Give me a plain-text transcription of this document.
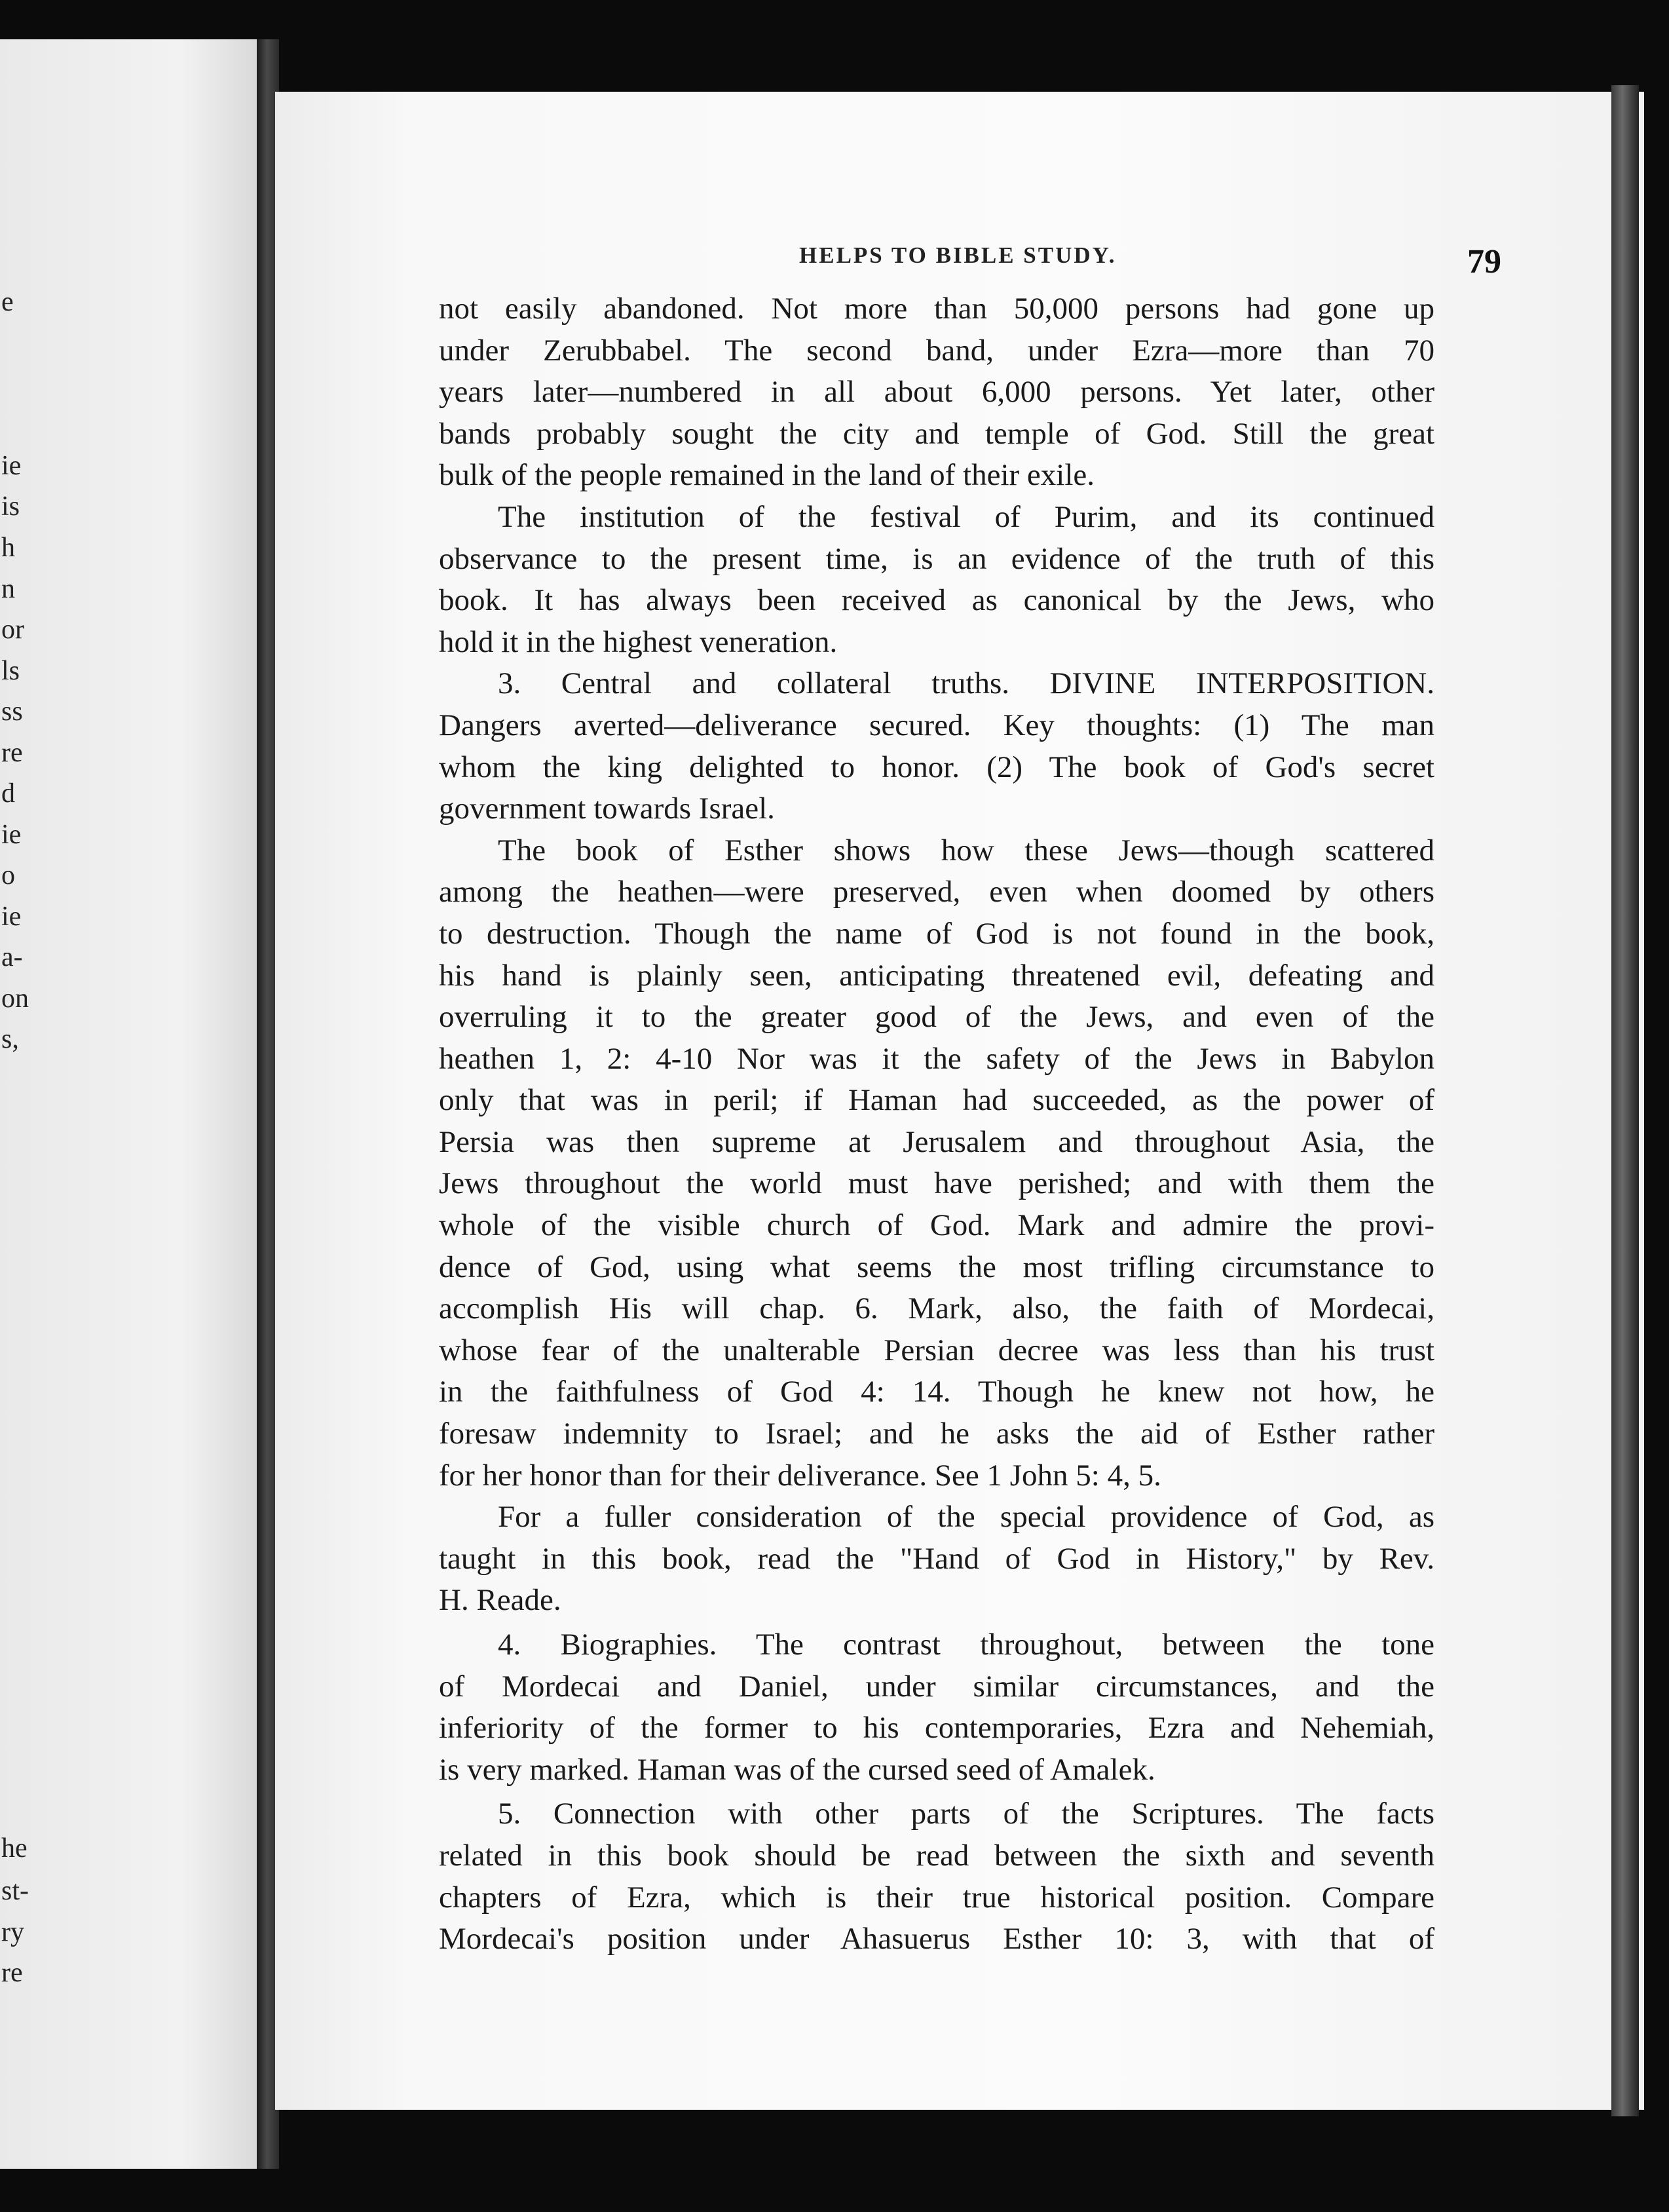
e
ie
is
h
n
or
ls
ss
re
d
ie
o
ie
a-
on
s,
he
st-
ry
re
HELPS TO BIBLE STUDY.	79
not easily abandoned. Not more than 50,000 persons had gone up
under Zerubbabel. The second band, under Ezra—more than 70
years later—numbered in all about 6,000 persons. Yet later, other
bands probably sought the city and temple of God. Still the great
bulk of the people remained in the land of their exile.
The institution of the festival of Purim, and its continued
observance to the present time, is an evidence of the truth of this
book. It has always been received as canonical by the Jews, who
hold it in the highest veneration.
3. Central and collateral truths. DIVINE INTERPOSITION.
Dangers averted—deliverance secured. Key thoughts: (1) The man
whom the king delighted to honor. (2) The book of God's secret
government towards Israel.
The book of Esther shows how these Jews—though scattered
among the heathen—were preserved, even when doomed by others
to destruction. Though the name of God is not found in the book,
his hand is plainly seen, anticipating threatened evil, defeating and
overruling it to the greater good of the Jews, and even of the
heathen 1, 2: 4-10 Nor was it the safety of the Jews in Babylon
only that was in peril; if Haman had succeeded, as the power of
Persia was then supreme at Jerusalem and throughout Asia, the
Jews throughout the world must have perished; and with them the
whole of the visible church of God. Mark and admire the provi-
dence of God, using what seems the most trifling circumstance to
accomplish His will chap. 6. Mark, also, the faith of Mordecai,
whose fear of the unalterable Persian decree was less than his trust
in the faithfulness of God 4: 14. Though he knew not how, he
foresaw indemnity to Israel; and he asks the aid of Esther rather
for her honor than for their deliverance. See 1 John 5: 4, 5.
For a fuller consideration of the special providence of God, as
taught in this book, read the "Hand of God in History," by Rev.
H. Reade.
4. Biographies. The contrast throughout, between the tone
of Mordecai and Daniel, under similar circumstances, and the
inferiority of the former to his contemporaries, Ezra and Nehemiah,
is very marked. Haman was of the cursed seed of Amalek.
5. Connection with other parts of the Scriptures. The facts
related in this book should be read between the sixth and seventh
chapters of Ezra, which is their true historical position. Compare
Mordecai's position under Ahasuerus Esther 10: 3, with that of
